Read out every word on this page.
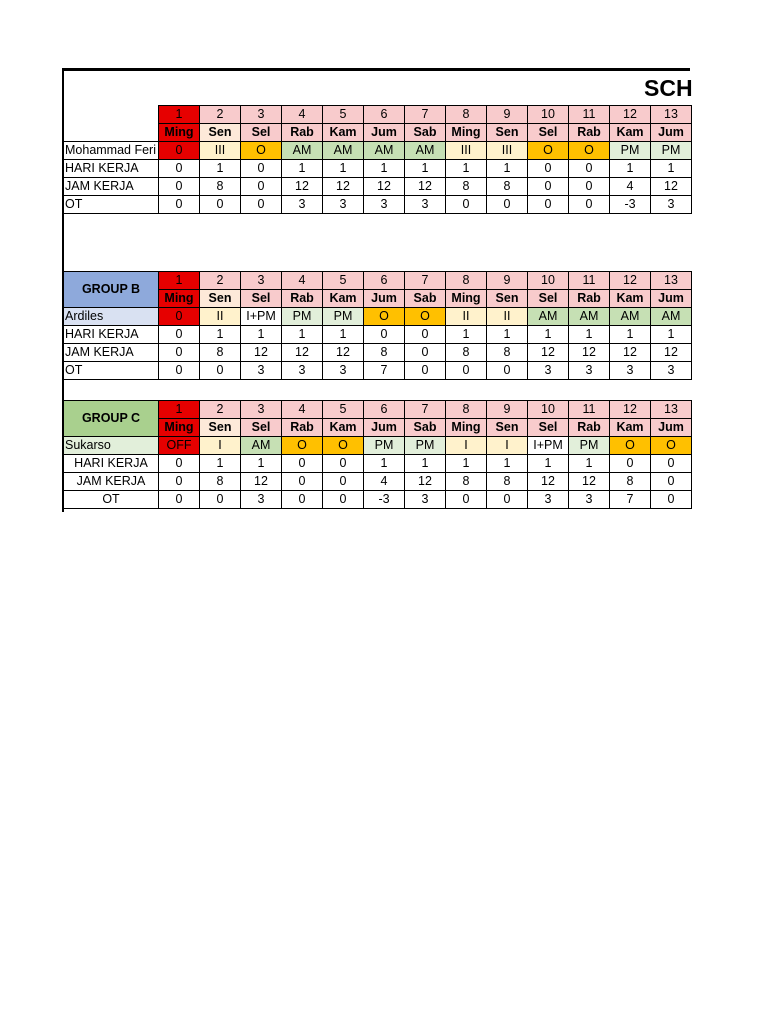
SCH
	1	2	3	4	5	6	7	8	9	10	11	12	13
	Ming	Sen	Sel	Rab	Kam	Jum	Sab	Ming	Sen	Sel	Rab	Kam	Jum
Mohammad Feri	0	III	O	AM	AM	AM	AM	III	III	O	O	PM	PM
HARI KERJA	0	1	0	1	1	1	1	1	1	0	0	1	1
JAM KERJA	0	8	0	12	12	12	12	8	8	0	0	4	12
OT	0	0	0	3	3	3	3	0	0	0	0	-3	3
GROUP B	1	2	3	4	5	6	7	8	9	10	11	12	13
	Ming	Sen	Sel	Rab	Kam	Jum	Sab	Ming	Sen	Sel	Rab	Kam	Jum
Ardiles	0	II	I+PM	PM	PM	O	O	II	II	AM	AM	AM	AM
HARI KERJA	0	1	1	1	1	0	0	1	1	1	1	1	1
JAM KERJA	0	8	12	12	12	8	0	8	8	12	12	12	12
OT	0	0	3	3	3	7	0	0	0	3	3	3	3
GROUP C	1	2	3	4	5	6	7	8	9	10	11	12	13
	Ming	Sen	Sel	Rab	Kam	Jum	Sab	Ming	Sen	Sel	Rab	Kam	Jum
Sukarso	OFF	I	AM	O	O	PM	PM	I	I	I+PM	PM	O	O
HARI KERJA	0	1	1	0	0	1	1	1	1	1	1	0	0
JAM KERJA	0	8	12	0	0	4	12	8	8	12	12	8	0
OT	0	0	3	0	0	-3	3	0	0	3	3	7	0
